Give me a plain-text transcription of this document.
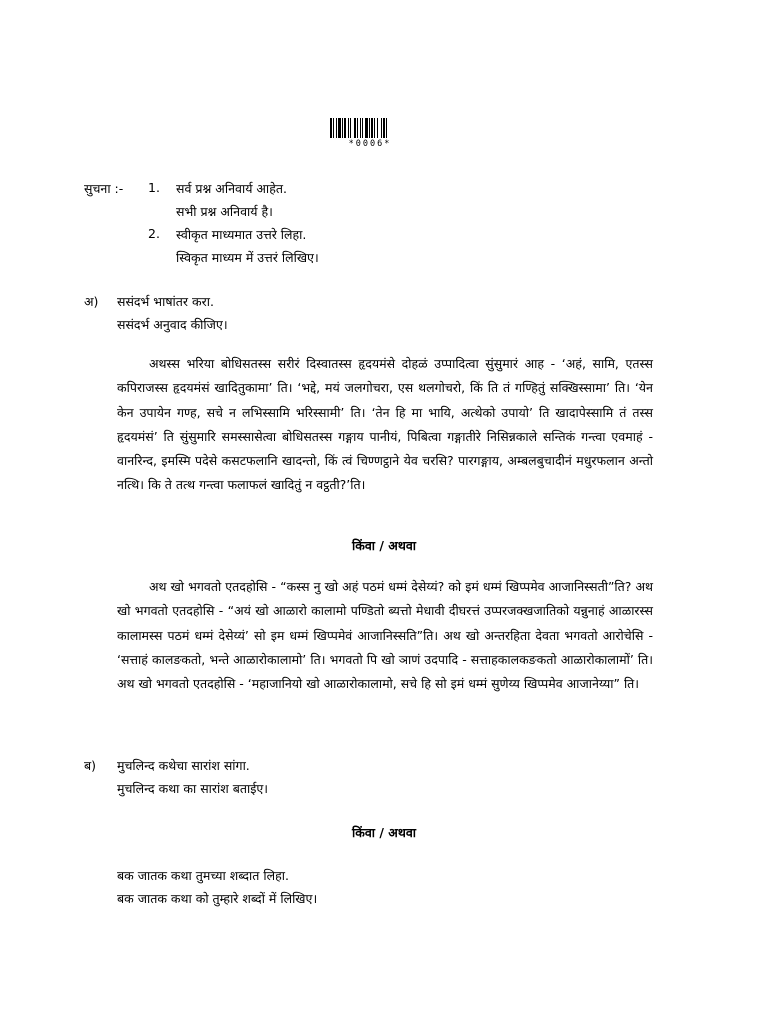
*0006*
सुचना :- 1. सर्व प्रश्न अनिवार्य आहेत.
सभी प्रश्न अनिवार्य है।
2. स्वीकृत माध्यमात उत्तरे लिहा.
स्विकृत माध्यम में उत्तरं लिखिए।
अ) ससंदर्भ भाषांतर करा.
ससंदर्भ अनुवाद कीजिए।

अथस्स भरिया बोधिसतस्स सरीरं दिस्वातस्स हृदयमंसे दोहळं उप्पादित्वा सुंसुमारं आह - ‘अहं, सामि, एतस्स कपिराजस्स हृदयमंसं खादितुकामा’ ति। ‘भद्दे, मयं जलगोचरा, एस थलगोचरो, किं ति तं गण्हितुं सक्खिस्सामा’ ति। ‘येन केन उपायेन गण्ह, सचे न लभिस्सामि भरिस्सामी’ ति। ‘तेन हि मा भायि, अत्थेको उपायो’ ति खादापेस्सामि तं तस्स हृदयमंसं’ ति सुंसुमारि समस्सासेत्वा बोधिसतस्स गङ्गाय पानीयं, पिबित्वा गङ्गातीरे निसिन्नकाले सन्तिकं गन्त्वा एवमाहं - वानरिन्द, इमस्मि पदेसे कसटफलानि खादन्तो, किं त्वं चिण्णट्ठाने येव चरसि? पारगङ्गाय, अम्बलबुचादीनं मधुरफलान अन्तो नत्थि। कि ते तत्थ गन्त्वा फलाफलं खादितुं न वट्ठती?’ति।

किंवा / अथवा

अथ खो भगवतो एतदहोसि - “कस्स नु खो अहं पठमं धम्मं देसेय्यं? को इमं धम्मं खिप्पमेव आजानिस्सती”ति? अथ खो भगवतो एतदहोसि - “अयं खो आळारो कालामो पण्डितो ब्यत्तो मेधावी दीघरत्तं उप्परजक्खजातिको यन्नुनाहं आळारस्स कालामस्स पठमं धम्मं देसेय्यं’ सो इम धम्मं खिप्पमेवं आजानिस्सति”ति। अथ खो अन्तरहिता देवता भगवतो आरोचेसि - ‘सत्ताहं कालङकतो, भन्ते आळारोकालामो’ ति। भगवतो पि खो ञाणं उदपादि - सत्ताहकालकङकतो आळारोकालामों’ ति। अथ खो भगवतो एतदहोसि - ‘महाजानियो खो आळारोकालामो, सचे हि सो इमं धम्मं सुणेय्य खिप्पमेव आजानेय्या” ति।

ब) मुचलिन्द कथेचा सारांश सांगा.
मुचलिन्द कथा का सारांश बताईए।
किंवा / अथवा
बक जातक कथा तुमच्या शब्दात लिहा.
बक जातक कथा को तुम्हारे शब्दों में लिखिए।
